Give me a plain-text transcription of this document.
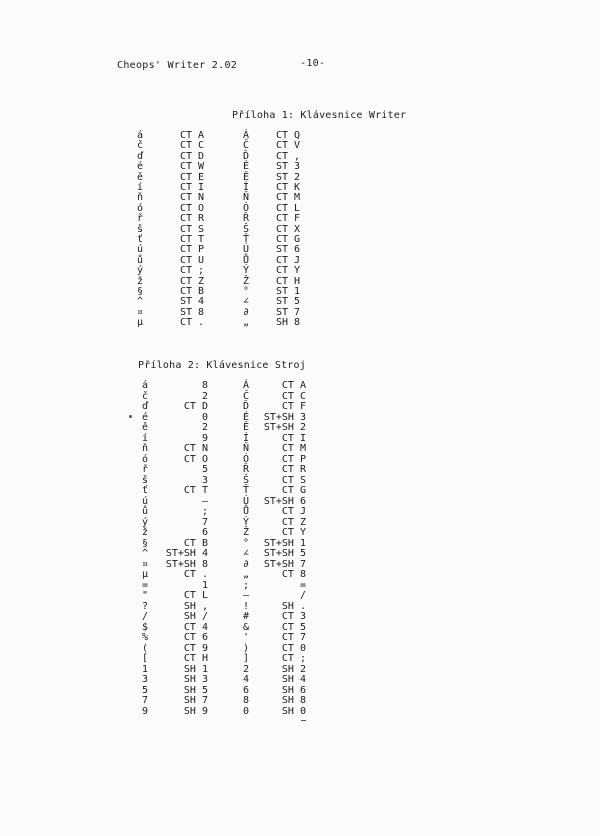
Cheops' Writer 2.02	-10-
Příloha 1: Klávesnice Writer
á	CT A	Á	CT Q
č	CT C	Č	CT V
ď	CT D	Ď	CT ,
é	CT W	É	ST 3
ě	CT E	Ě	ST 2
í	CT I	Í	CT K
ň	CT N	Ň	CT M
ó	CT O	Ó	CT L
ř	CT R	Ř	CT F
š	CT S	Š	CT X
ť	CT T	Ť	CT G
ú	CT P	Ú	ST 6
ů	CT U	Ů	CT J
ý	CT ;	Ý	CT Y
ž	CT Z	Ž	CT H
§	CT B	°	ST 1
^	ST 4	∠	ST 5
¤	ST 8	∂	ST 7
µ	CT .	„	SH 8
Příloha 2: Klávesnice Stroj
á	8	Á	CT A
č	2	Č	CT C
ď	CT D	Ď	CT F
é	0	É	ST+SH 3
ě	2	Ě	ST+SH 2
í	9	Í	CT I
ň	CT N	Ň	CT M
ó	CT O	Ó	CT P
ř	5	Ř	CT R
š	3	Š	CT S
ť	CT T	Ť	CT G
ú	–	Ú	ST+SH 6
ů	;	Ů	CT J
ý	7	Ý	CT Z
ž	6	Ž	CT Y
§	CT B	°	ST+SH 1
^	ST+SH 4	∠	ST+SH 5
¤	ST+SH 8	∂	ST+SH 7
µ	CT .	„	CT 8
=	1	;	=
"	CT L	–	/
?	SH ,	!	SH .
/	SH /	#	CT 3
$	CT 4	&	CT 5
%	CT 6	'	CT 7
(	CT 9	)	CT 0
[	CT H	]	CT ;
1	SH 1	2	SH 2
3	SH 3	4	SH 4
5	SH 5	6	SH 6
7	SH 7	8	SH 8
9	SH 9	0	SH 0
